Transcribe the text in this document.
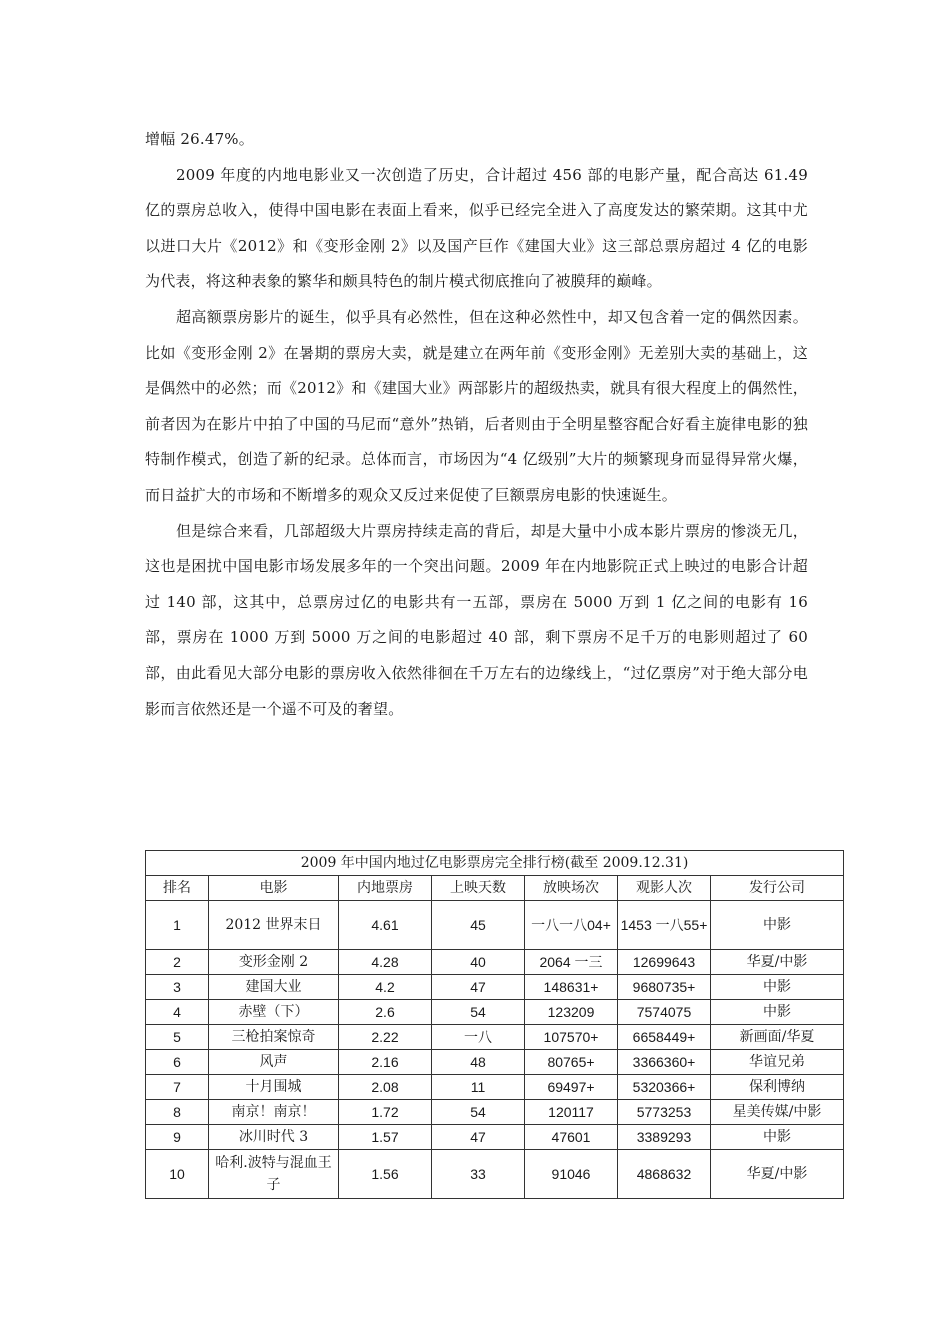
增幅 26.47%。

2009 年度的内地电影业又一次创造了历史，合计超过 456 部的电影产量，配合高达 61.49 亿的票房总收入，使得中国电影在表面上看来，似乎已经完全进入了高度发达的繁荣期。这其中尤以进口大片《2012》和《变形金刚 2》以及国产巨作《建国大业》这三部总票房超过 4 亿的电影为代表，将这种表象的繁华和颇具特色的制片模式彻底推向了被膜拜的巅峰。

超高额票房影片的诞生，似乎具有必然性，但在这种必然性中，却又包含着一定的偶然因素。比如《变形金刚 2》在暑期的票房大卖，就是建立在两年前《变形金刚》无差别大卖的基础上，这是偶然中的必然；而《2012》和《建国大业》两部影片的超级热卖，就具有很大程度上的偶然性，前者因为在影片中拍了中国的马尼而“意外”热销，后者则由于全明星整容配合好看主旋律电影的独特制作模式，创造了新的纪录。总体而言，市场因为“4 亿级别”大片的频繁现身而显得异常火爆，而日益扩大的市场和不断增多的观众又反过来促使了巨额票房电影的快速诞生。

但是综合来看，几部超级大片票房持续走高的背后，却是大量中小成本影片票房的惨淡无几，这也是困扰中国电影市场发展多年的一个突出问题。2009 年在内地影院正式上映过的电影合计超过 140 部，这其中，总票房过亿的电影共有一五部，票房在 5000 万到 1 亿之间的电影有 16 部，票房在 1000 万到 5000 万之间的电影超过 40 部，剩下票房不足千万的电影则超过了 60 部，由此看见大部分电影的票房收入依然徘徊在千万左右的边缘线上，“过亿票房”对于绝大部分电影而言依然还是一个遥不可及的奢望。

2009 年中国内地过亿电影票房完全排行榜(截至 2009.12.31)						
排名	电影	内地票房	上映天数	放映场次	观影人次	发行公司
1	2012 世界末日	4.61	45	一八一八04+	1453 一八55+	中影
2	变形金刚 2	4.28	40	2064 一三	12699643	华夏/中影
3	建国大业	4.2	47	148631+	9680735+	中影
4	赤壁（下）	2.6	54	123209	7574075	中影
5	三枪拍案惊奇	2.22	一八	107570+	6658449+	新画面/华夏
6	风声	2.16	48	80765+	3366360+	华谊兄弟
7	十月围城	2.08	11	69497+	5320366+	保利博纳
8	南京！南京！	1.72	54	120117	5773253	星美传媒/中影
9	冰川时代 3	1.57	47	47601	3389293	中影
10	哈利.波特与混血王子	1.56	33	91046	4868632	华夏/中影
